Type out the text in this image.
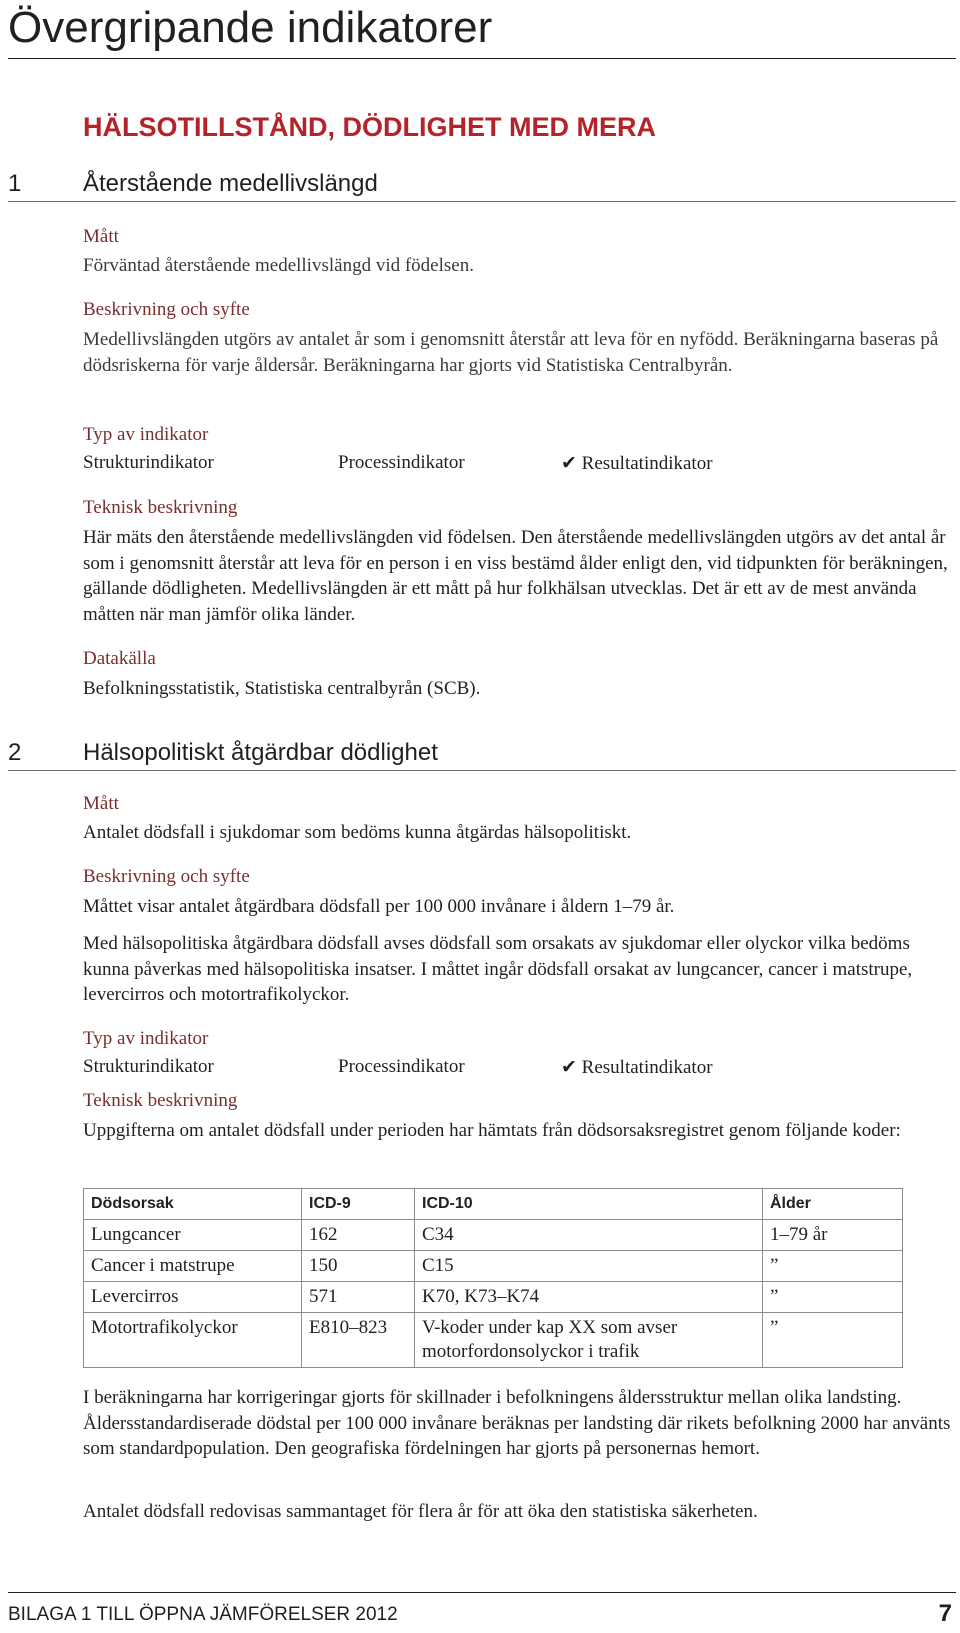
Övergripande indikatorer
HÄLSOTILLSTÅND, DÖDLIGHET MED MERA
1	Återstående medellivslängd
Mått
Förväntad återstående medellivslängd vid födelsen.
Beskrivning och syfte
Medellivslängden utgörs av antalet år som i genomsnitt återstår att leva för en nyfödd. Beräkningarna baseras på dödsriskerna för varje åldersår. Beräkningarna har gjorts vid Statistiska Centralbyrån.
Typ av indikator
Strukturindikator	Processindikator	✔ Resultatindikator
Teknisk beskrivning
Här mäts den återstående medellivslängden vid födelsen. Den återstående medellivslängden utgörs av det antal år som i genomsnitt återstår att leva för en person i en viss bestämd ålder enligt den, vid tidpunkten för beräkningen, gällande dödligheten. Medellivslängden är ett mått på hur folkhälsan utvecklas. Det är ett av de mest använda måtten när man jämför olika länder.
Datakälla
Befolkningsstatistik, Statistiska centralbyrån (SCB).
2	Hälsopolitiskt åtgärdbar dödlighet
Mått
Antalet dödsfall i sjukdomar som bedöms kunna åtgärdas hälsopolitiskt.
Beskrivning och syfte
Måttet visar antalet åtgärdbara dödsfall per 100 000 invånare i åldern 1–79 år.
Med hälsopolitiska åtgärdbara dödsfall avses dödsfall som orsakats av sjukdomar eller olyckor vilka bedöms kunna påverkas med hälsopolitiska insatser. I måttet ingår dödsfall orsakat av lungcancer, cancer i matstrupe, levercirros och motortrafikolyckor.
Typ av indikator
Strukturindikator	Processindikator	✔ Resultatindikator
Teknisk beskrivning
Uppgifterna om antalet dödsfall under perioden har hämtats från dödsorsaksregistret genom följande koder:
Dödsorsak	ICD-9	ICD-10	Ålder
Lungcancer	162	C34	1–79 år
Cancer i matstrupe	150	C15	”
Levercirros	571	K70, K73–K74	”
Motortrafikolyckor	E810–823	V-koder under kap XX som avser motorfordonsolyckor i trafik	”
I beräkningarna har korrigeringar gjorts för skillnader i befolkningens åldersstruktur mellan olika landsting. Åldersstandardiserade dödstal per 100 000 invånare beräknas per landsting där rikets befolkning 2000 har använts som standardpopulation. Den geografiska fördelningen har gjorts på personernas hemort.
Antalet dödsfall redovisas sammantaget för flera år för att öka den statistiska säkerheten.
BILAGA 1 TILL ÖPPNA JÄMFÖRELSER 2012	7
